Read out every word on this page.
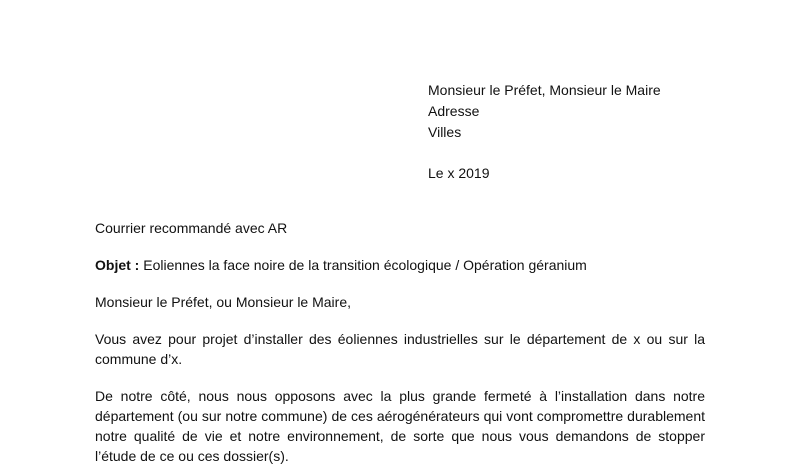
Monsieur le Préfet, Monsieur le Maire
Adresse
Villes
Le x 2019
Courrier recommandé avec AR
Objet : Eoliennes la face noire de la transition écologique / Opération géranium
Monsieur le Préfet, ou Monsieur le Maire,
Vous avez pour projet d’installer des éoliennes industrielles sur le département de x ou sur la commune d’x.
De notre côté, nous nous opposons avec la plus grande fermeté à l’installation dans notre département (ou sur notre commune) de ces aérogénérateurs qui vont compromettre durablement notre qualité de vie et notre environnement, de sorte que nous vous demandons de stopper l’étude de ce ou ces dossier(s).
